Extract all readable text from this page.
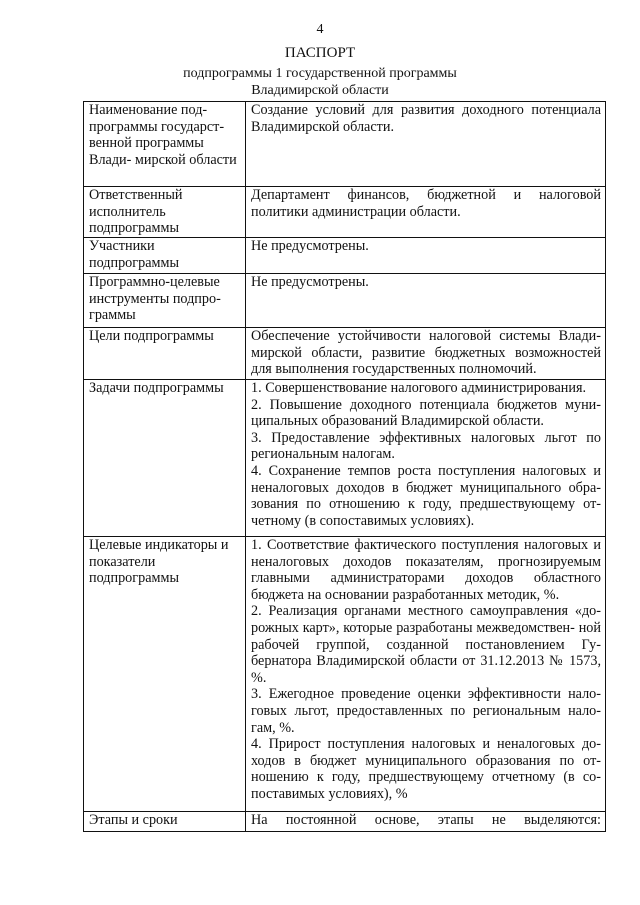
4
ПАСПОРТ
подпрограммы 1 государственной программы
Владимирской области
Наименование под- программы государст- венной программы Влади- мирской области	Создание условий для развития доходного потенциала Владимирской области.
Ответственный исполнитель подпрограммы	Департамент финансов, бюджетной и налоговой политики администрации области.
Участники подпрограммы	Не предусмотрены.
Программно-целевые инструменты подпро- граммы	Не предусмотрены.
Цели подпрограммы	Обеспечение устойчивости налоговой системы Влади- мирской области, развитие бюджетных возможностей для выполнения государственных полномочий.
Задачи подпрограммы	1. Совершенствование налогового администрирования.
2. Повышение доходного потенциала бюджетов муни- ципальных образований Владимирской области.
3. Предоставление эффективных налоговых льгот по региональным налогам.
4. Сохранение темпов роста поступления налоговых и неналоговых доходов в бюджет муниципального обра- зования по отношению к году, предшествующему от- четному (в сопоставимых условиях).

Целевые индикаторы и показатели подпрограммы	1. Соответствие фактического поступления налоговых и неналоговых доходов показателям, прогнозируемым главными администраторами доходов областного бюджета на основании разработанных методик, %.
2. Реализация органами местного самоуправления «до- рожных карт», которые разработаны межведомствен- ной рабочей группой, созданной постановлением Гу- бернатора Владимирской области от 31.12.2013 № 1573, %.
3. Ежегодное проведение оценки эффективности нало- говых льгот, предоставленных по региональным нало- гам, %.
4. Прирост поступления налоговых и неналоговых до- ходов в бюджет муниципального образования по от- ношению к году, предшествующему отчетному (в со- поставимых условиях), %

Этапы и сроки	На постоянной основе, этапы не выделяются:
